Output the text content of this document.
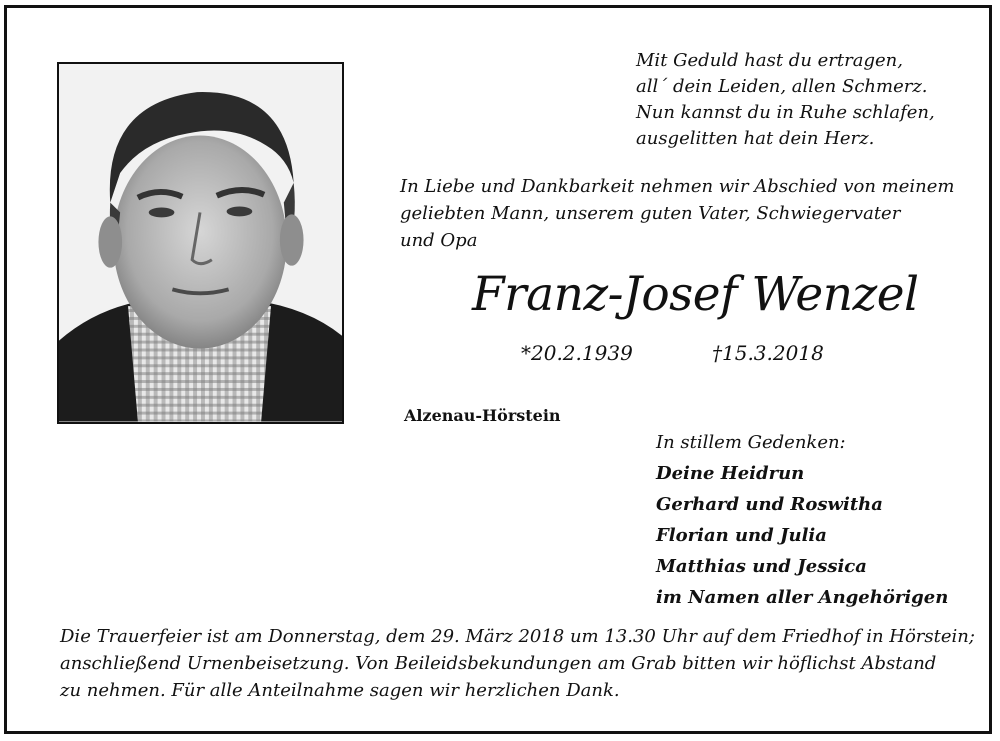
Mit Geduld hast du ertragen,
all´ dein Leiden, allen Schmerz.
Nun kannst du in Ruhe schlafen,
ausgelitten hat dein Herz.
In Liebe und Dankbarkeit nehmen wir Abschied von meinem
geliebten Mann, unserem guten Vater, Schwiegervater
und Opa
Franz-Josef Wenzel
*20.2.1939	†15.3.2018
Alzenau-Hörstein
In stillem Gedenken:
Deine Heidrun
Gerhard und Roswitha
Florian und Julia
Matthias und Jessica
im Namen aller Angehörigen
Die Trauerfeier ist am Donnerstag, dem 29. März 2018 um 13.30 Uhr auf dem Friedhof in Hörstein;
anschließend Urnenbeisetzung. Von Beileidsbekundungen am Grab bitten wir höflichst Abstand
zu nehmen. Für alle Anteilnahme sagen wir herzlichen Dank.
